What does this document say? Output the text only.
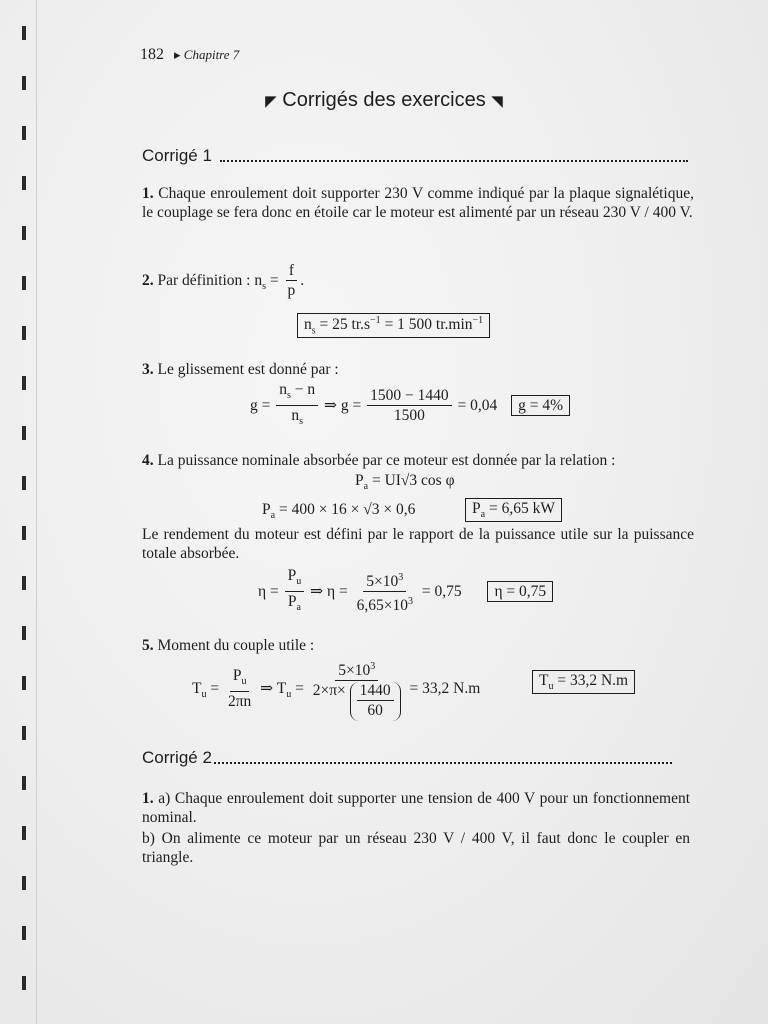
182 ▸ Chapitre 7
◤ Corrigés des exercices ◥
Corrigé 1
1. Chaque enroulement doit supporter 230 V comme indiqué par la plaque signalétique, le couplage se fera donc en étoile car le moteur est alimenté par un réseau 230 V / 400 V.
2. Par définition : $n_s = \frac{f}{p}$ .
$n_s = 25$ $tr.s^{-1} = 1$ 500 $tr.\min^{-1}$
3. Le glissement est donné par :
$g = \frac{n_s - n}{n_s}$ ⇒ $g = \frac{1500 - 1440}{1500} = 0,04$ g = 4%
4. La puissance nominale absorbée par ce moteur est donnée par la relation :
$P_a = UI√3$ cos φ
$P_a = 400 \times 16 \times √3 \times 0,6$	$P_a = 6,65$ kW
Le rendement du moteur est défini par le rapport de la puissance utile sur la puissance totale absorbée.
$\eta = \frac{P_u}{P_a}$ ⇒ $\eta = \frac{5\times 10^3}{6,65\times 10^3} = 0,75$ η = 0,75
5. Moment du couple utile :
$T_u = \frac{P_u}{2\pi n}$ ⇒ $T_u = \frac{5\times 10^3}{2\times\pi\times \frac{1440}{60}} = 33,2$ N.m	$T_u = 33,2$ N.m
Corrigé 2
1. a) Chaque enroulement doit supporter une tension de 400 V pour un fonctionnement nominal.
b) On alimente ce moteur par un réseau 230 V / 400 V, il faut donc le coupler en triangle.
